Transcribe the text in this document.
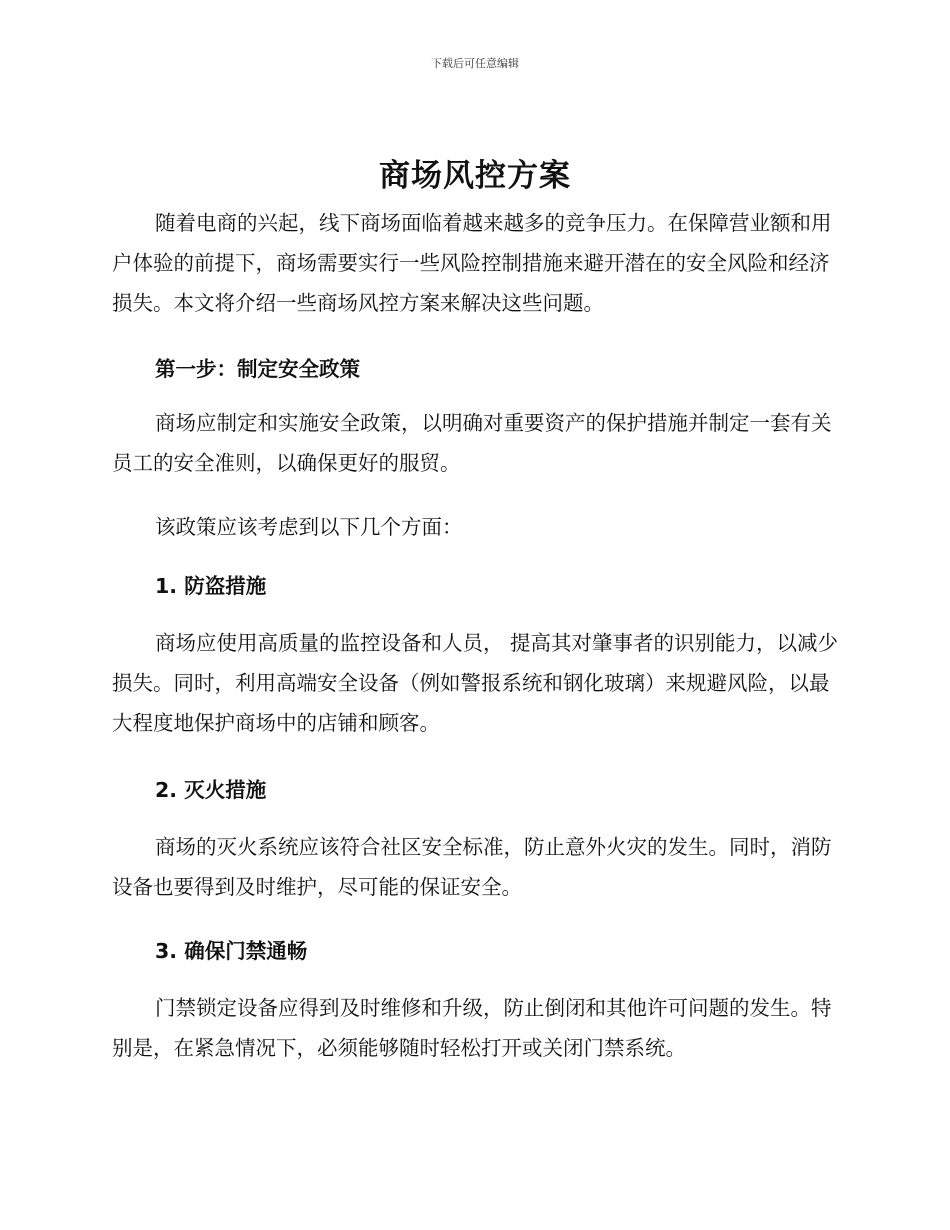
下载后可任意编辑
商场风控方案

随着电商的兴起，线下商场面临着越来越多的竞争压力。在保障营业额和用户体验的前提下，商场需要实行一些风险控制措施来避开潜在的安全风险和经济损失。本文将介绍一些商场风控方案来解决这些问题。

第一步：制定安全政策

商场应制定和实施安全政策，以明确对重要资产的保护措施并制定一套有关员工的安全准则，以确保更好的服贸。

该政策应该考虑到以下几个方面：

1. 防盗措施

商场应使用高质量的监控设备和人员， 提高其对肇事者的识别能力，以减少损失。同时，利用高端安全设备（例如警报系统和钢化玻璃）来规避风险，以最大程度地保护商场中的店铺和顾客。

2. 灭火措施

商场的灭火系统应该符合社区安全标准，防止意外火灾的发生。同时，消防设备也要得到及时维护，尽可能的保证安全。

3. 确保门禁通畅

门禁锁定设备应得到及时维修和升级，防止倒闭和其他许可问题的发生。特别是，在紧急情况下，必须能够随时轻松打开或关闭门禁系统。
